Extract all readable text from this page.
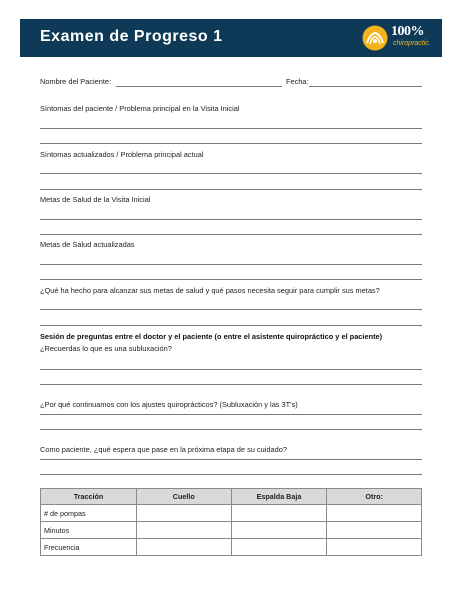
Examen de Progreso 1	100%
chiropractic.
Nombre del Paciente:	Fecha:
Síntomas del paciente / Problema principal en la Visita Inicial
Síntomas actualizados / Problema principal actual
Metas de Salud de la Visita Inicial
Metas de Salud actualizadas
¿Qué ha hecho para alcanzar sus metas de salud y qué pasos necesita seguir para cumplir sus metas?
Sesión de preguntas entre el doctor y el paciente (o entre el asistente quiropráctico y el paciente)
¿Recuerdas lo que es una subluxación?
¿Por qué continuamos con los ajustes quiroprácticos? (Subluxación y las 3T's)
Como paciente, ¿qué espera que pase en la próxima etapa de su cuidado?
Tracción	Cuello	Espalda Baja	Otro:
# de pompas			
Minutos			
Frecuencia			
